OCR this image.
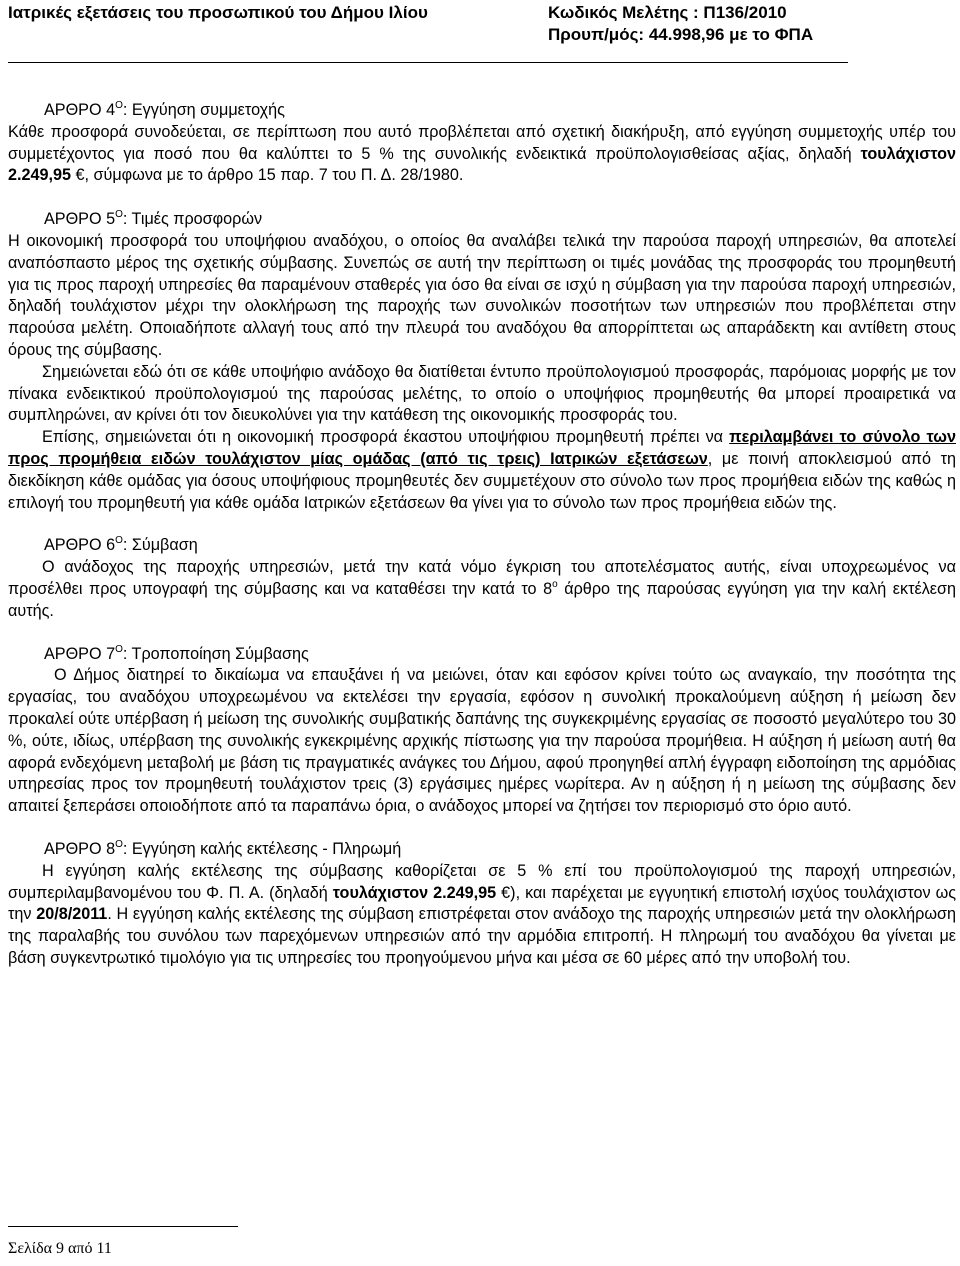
Ιατρικές εξετάσεις του προσωπικού του Δήμου Ιλίου	Κωδικός Μελέτης : Π136/2010
Προυπ/μός: 44.998,96 με το ΦΠΑ
ΑΡΘΡΟ $4^O$: Εγγύηση συμμετοχής

Κάθε προσφορά συνοδεύεται, σε περίπτωση που αυτό προβλέπεται από σχετική διακήρυξη, από εγγύηση συμμετοχής υπέρ του συμμετέχοντος για ποσό που θα καλύπτει το 5 % της συνολικής ενδεικτικά προϋπολογισθείσας αξίας, δηλαδή τουλάχιστον 2.249,95 €, σύμφωνα με το άρθρο 15 παρ. 7 του Π. Δ. 28/1980.

ΑΡΘΡΟ $5^O$: Τιμές προσφορών

Η οικονομική προσφορά του υποψήφιου αναδόχου, ο οποίος θα αναλάβει τελικά την παρούσα παροχή υπηρεσιών, θα αποτελεί αναπόσπαστο μέρος της σχετικής σύμβασης. Συνεπώς σε αυτή την περίπτωση οι τιμές μονάδας της προσφοράς του προμηθευτή για τις προς παροχή υπηρεσίες θα παραμένουν σταθερές για όσο θα είναι σε ισχύ η σύμβαση για την παρούσα παροχή υπηρεσιών, δηλαδή τουλάχιστον μέχρι την ολοκλήρωση της παροχής των συνολικών ποσοτήτων των υπηρεσιών που προβλέπεται στην παρούσα μελέτη. Οποιαδήποτε αλλαγή τους από την πλευρά του αναδόχου θα απορρίπτεται ως απαράδεκτη και αντίθετη στους όρους της σύμβασης.

Σημειώνεται εδώ ότι σε κάθε υποψήφιο ανάδοχο θα διατίθεται έντυπο προϋπολογισμού προσφοράς, παρόμοιας μορφής με τον πίνακα ενδεικτικού προϋπολογισμού της παρούσας μελέτης, το οποίο ο υποψήφιος προμηθευτής θα μπορεί προαιρετικά να συμπληρώνει, αν κρίνει ότι τον διευκολύνει για την κατάθεση της οικονομικής προσφοράς του.

Επίσης, σημειώνεται ότι η οικονομική προσφορά έκαστου υποψήφιου προμηθευτή πρέπει να περιλαμβάνει το σύνολο των προς προμήθεια ειδών τουλάχιστον μίας ομάδας (από τις τρεις) Ιατρικών εξετάσεων, με ποινή αποκλεισμού από τη διεκδίκηση κάθε ομάδας για όσους υποψήφιους προμηθευτές δεν συμμετέχουν στο σύνολο των προς προμήθεια ειδών της καθώς η επιλογή του προμηθευτή για κάθε ομάδα Ιατρικών εξετάσεων θα γίνει για το σύνολο των προς προμήθεια ειδών της.

ΑΡΘΡΟ $6^O$: Σύμβαση

Ο ανάδοχος της παροχής υπηρεσιών, μετά την κατά νόμο έγκριση του αποτελέσματος αυτής, είναι υποχρεωμένος να προσέλθει προς υπογραφή της σύμβασης και να καταθέσει την κατά το $8^o$ άρθρο της παρούσας εγγύηση για την καλή εκτέλεση αυτής.

ΑΡΘΡΟ $7^O$: Τροποποίηση Σύμβασης

Ο Δήμος διατηρεί το δικαίωμα να επαυξάνει ή να μειώνει, όταν και εφόσον κρίνει τούτο ως αναγκαίο, την ποσότητα της εργασίας, του αναδόχου υποχρεωμένου να εκτελέσει την εργασία, εφόσον η συνολική προκαλούμενη αύξηση ή μείωση δεν προκαλεί ούτε υπέρβαση ή μείωση της συνολικής συμβατικής δαπάνης της συγκεκριμένης εργασίας σε ποσοστό μεγαλύτερο του 30 %, ούτε, ιδίως, υπέρβαση της συνολικής εγκεκριμένης αρχικής πίστωσης για την παρούσα προμήθεια. Η αύξηση ή μείωση αυτή θα αφορά ενδεχόμενη μεταβολή με βάση τις πραγματικές ανάγκες του Δήμου, αφού προηγηθεί απλή έγγραφη ειδοποίηση της αρμόδιας υπηρεσίας προς τον προμηθευτή τουλάχιστον τρεις (3) εργάσιμες ημέρες νωρίτερα. Αν η αύξηση ή η μείωση της σύμβασης δεν απαιτεί ξεπεράσει οποιοδήποτε από τα παραπάνω όρια, ο ανάδοχος μπορεί να ζητήσει τον περιορισμό στο όριο αυτό.

ΑΡΘΡΟ $8^O$: Εγγύηση καλής εκτέλεσης - Πληρωμή

Η εγγύηση καλής εκτέλεσης της σύμβασης καθορίζεται σε 5 % επί του προϋπολογισμού της παροχή υπηρεσιών, συμπεριλαμβανομένου του Φ. Π. Α. (δηλαδή τουλάχιστον 2.249,95 €), και παρέχεται με εγγυητική επιστολή ισχύος τουλάχιστον ως την 20/8/2011. Η εγγύηση καλής εκτέλεσης της σύμβαση επιστρέφεται στον ανάδοχο της παροχής υπηρεσιών μετά την ολοκλήρωση της παραλαβής του συνόλου των παρεχόμενων υπηρεσιών από την αρμόδια επιτροπή. Η πληρωμή του αναδόχου θα γίνεται με βάση συγκεντρωτικό τιμολόγιο για τις υπηρεσίες του προηγούμενου μήνα και μέσα σε 60 μέρες από την υποβολή του.

Σελίδα 9 από 11
